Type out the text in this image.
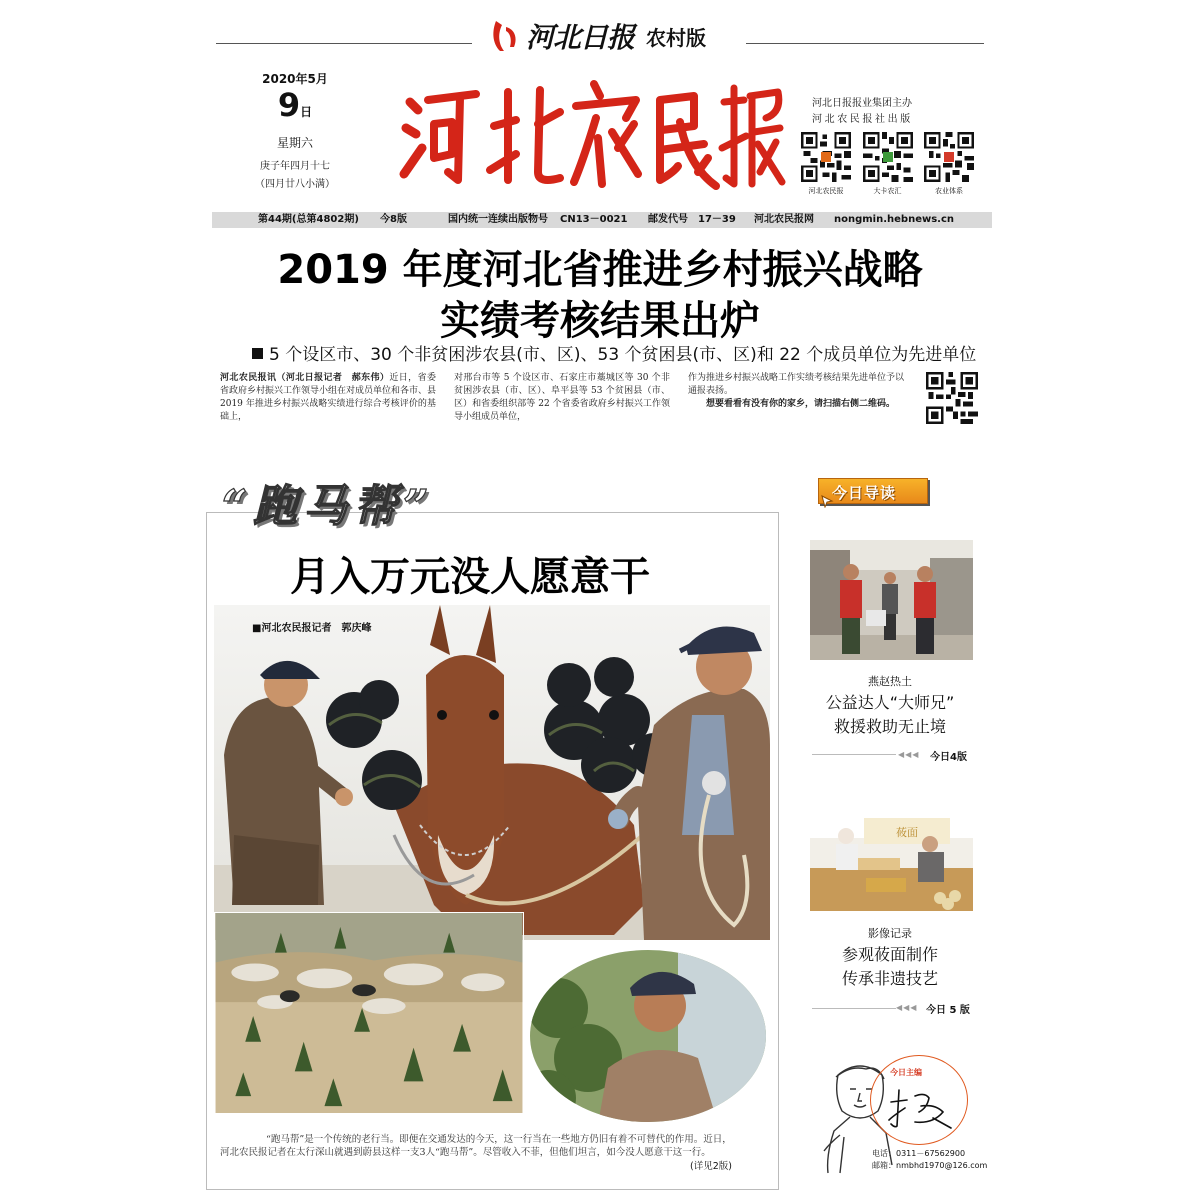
河北日报 农村版
2020年5月
9日
星期六
庚子年四月十七
（四月廿八小满）
河北日报报业集团主办
河北农民报社出版
河北农民报	大卡农汇	农业体系
第44期(总第4802期) 今8版	国内统一连续出版物号 CN13－0021 邮发代号 17－39 河北农民报网 nongmin.hebnews.cn
2019 年度河北省推进乡村振兴战略
实绩考核结果出炉
5 个设区市、30 个非贫困涉农县(市、区)、53 个贫困县(市、区)和 22 个成员单位为先进单位
河北农民报讯（河北日报记者　郝东伟）近日，省委省政府乡村振兴工作领导小组在对成员单位和各市、县 2019 年推进乡村振兴战略实绩进行综合考核评价的基础上，
对邢台市等 5 个设区市、石家庄市藁城区等 30 个非贫困涉农县（市、区）、阜平县等 53 个贫困县（市、区）和省委组织部等 22 个省委省政府乡村振兴工作领导小组成员单位，
作为推进乡村振兴战略工作实绩考核结果先进单位予以通报表扬。
想要看看有没有你的家乡，请扫描右侧二维码。
“跑马帮”
月入万元没人愿意干
■河北农民报记者　郭庆峰
“跑马帮”是一个传统的老行当。即便在交通发达的今天，这一行当在一些地方仍旧有着不可替代的作用。近日，河北农民报记者在太行深山就遇到蔚县这样一支3人“跑马帮”。尽管收入不菲，但他们坦言，如今没人愿意干这一行。
(详见2版)
今日导读
燕赵热土
公益达人“大师兄”
救援救助无止境
◀◀◀ 今日4版
莜面
影像记录
参观莜面制作
传承非遗技艺
◀◀◀ 今日 5 版
今日主编
电话：0311－67562900
邮箱：nmbhd1970@126.com
